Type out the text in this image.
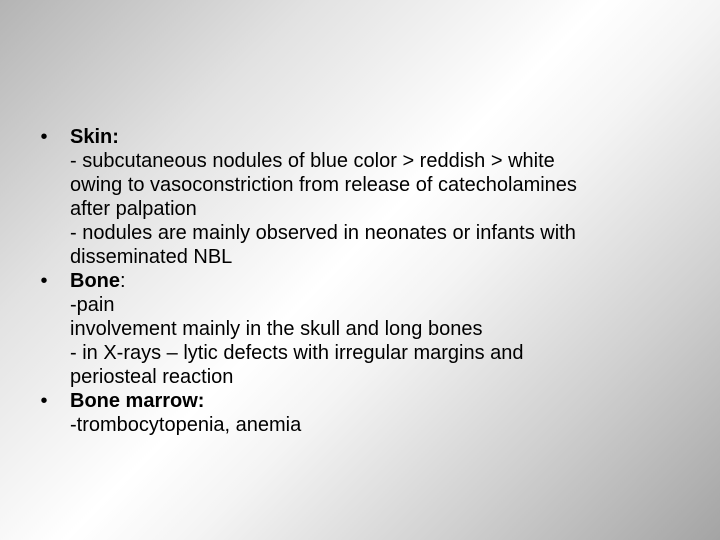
•	Skin:
- subcutaneous nodules of blue color > reddish > white
owing to vasoconstriction from release of catecholamines
after palpation
- nodules are mainly observed in neonates or infants with
disseminated NBL
•	Bone:
-pain
involvement mainly in the skull and long bones
- in X-rays – lytic defects with irregular margins and
periosteal reaction
•	Bone marrow:
-trombocytopenia, anemia
